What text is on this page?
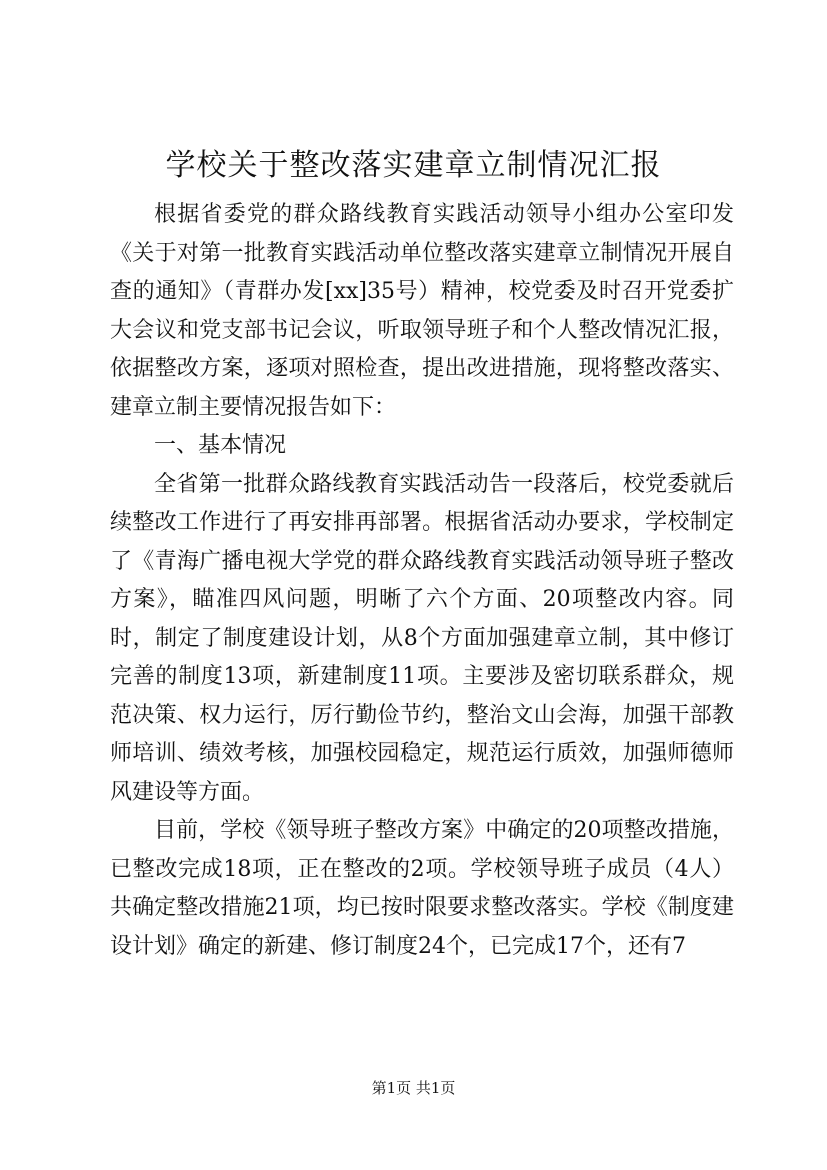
学校关于整改落实建章立制情况汇报

根据省委党的群众路线教育实践活动领导小组办公室印发《关于对第一批教育实践活动单位整改落实建章立制情况开展自查的通知》（青群办发[xx]35号）精神，校党委及时召开党委扩大会议和党支部书记会议，听取领导班子和个人整改情况汇报，依据整改方案，逐项对照检查，提出改进措施，现将整改落实、建章立制主要情况报告如下：

一、基本情况

全省第一批群众路线教育实践活动告一段落后，校党委就后续整改工作进行了再安排再部署。根据省活动办要求，学校制定了《青海广播电视大学党的群众路线教育实践活动领导班子整改方案》，瞄准四风问题，明晰了六个方面、20项整改内容。同时，制定了制度建设计划，从8个方面加强建章立制，其中修订完善的制度13项，新建制度11项。主要涉及密切联系群众，规范决策、权力运行，厉行勤俭节约，整治文山会海，加强干部教师培训、绩效考核，加强校园稳定，规范运行质效，加强师德师风建设等方面。

目前，学校《领导班子整改方案》中确定的20项整改措施，已整改完成18项，正在整改的2项。学校领导班子成员（4人）共确定整改措施21项，均已按时限要求整改落实。学校《制度建设计划》确定的新建、修订制度24个，已完成17个，还有7

第1页 共1页
